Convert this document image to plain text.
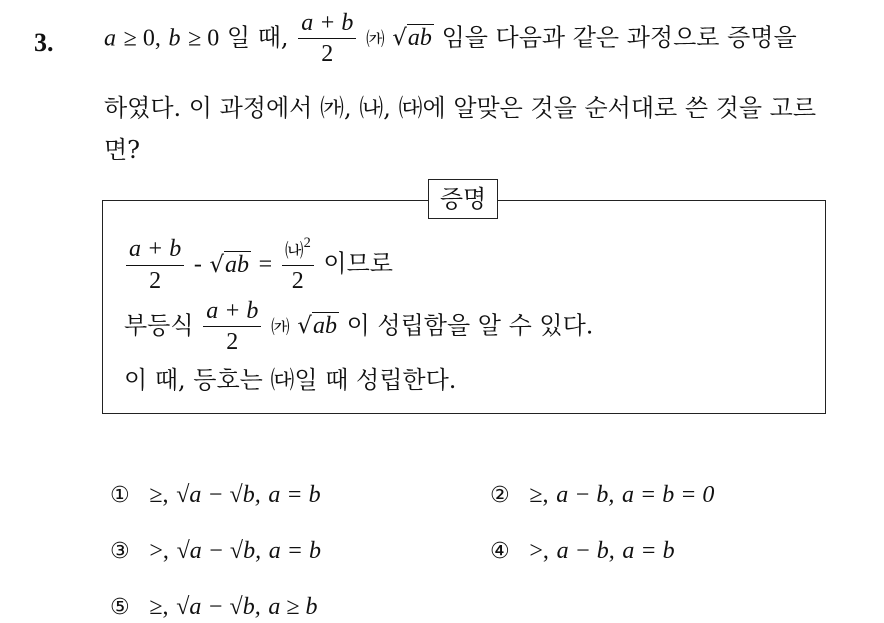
3. a ≥ 0, b ≥ 0 일 때, $\frac{a + b}{2}$ ㈎ √ab 임을 다음과 같은 과정으로 증명을
하였다. 이 과정에서 ㈎, ㈏, ㈐에 알맞은 것을 순서대로 쓴 것을 고르
면?
증명
$\frac{a + b}{2} - √ab = \frac{㈏^2}{2}$ 이므로
부등식 $\frac{a + b}{2}$ ㈎ √ab 이 성립함을 알 수 있다.
이 때, 등호는 ㈐일 때 성립한다.
① ≥, √a − √b, a = b	② ≥, a − b, a = b = 0
③ >, √a − √b, a = b	④ >, a − b, a = b
⑤ ≥, √a − √b, a ≥ b
